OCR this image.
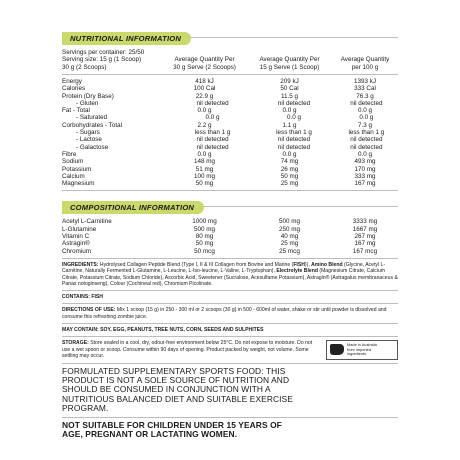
NUTRITIONAL INFORMATION
Servings per container: 25/50
Serving size: 15 g (1 Scoop)
30 g (2 Scoops)
Average Quantity Per
30 g Serve (2 Scoops)
Average Quantity Per
15 g Serve (1 Scoop)
Average Quantity
per 100 g
Energy	418 kJ	209 kJ	1393 kJ
Calories	100 Cal	50 Cal	333 Cal
Protein (Dry Base)	22.9 g	11.5 g	76.3 g
- Gluten	nil detected	nil detected	nil detected
Fat - Total	0.0 g	0.0 g	0.0 g
- Saturated	0.0 g	0.0 g	0.0 g
Corbohydrates - Total	2.2 g	1.1 g	7.3 g
- Sugars	less than 1 g	less than 1 g	less than 1 g
- Lactose	nil detected	nil detected	nil detected
- Galactose	nil detected	nil detected	nil detected
Fibre	0.0 g	0.0 g	0.0 g
Sodium	148 mg	74 mg	493 mg
Potassium	51 mg	26 mg	170 mg
Calcium	100 mg	50 mg	333 mg
Magnesium	50 mg	25 mg	167 mg
COMPOSITIONAL INFORMATION
Acetyl L-Carnitine	1000 mg	500 mg	3333 mg
L-Glutamine	500 mg	250 mg	1667 mg
Vitamin C	80 mg	40 mg	267 mg
Astragin®	50 mg	25 mg	167 mg
Chromium	50 mcg	25 mcg	167 mcg

INGREDIENTS: Hydrolysed Collagen Peptide Blend (Type I, II & III Collagen from Bovine and Marine (FISH)), Amino Blend (Glycine, Acetyl L-Carnitine, Naturally Fermented L-Glutamine, L-Leucine, L-Iso-leucine, L-Valine, L-Tryptophan), Electrolyte Blend (Magnesium Citrate, Calcium Citrate, Potassium Citrate, Sodium Chloride), Ascorbic Acid, Sweetener (Sucralose, Acesulfame Potassium), Astragin® (Astragalus membranaceus & Panax notoginseng), Colour (Cochineal red), Chromium Picolinate.

CONTAINS: FISH

DIRECTIONS OF USE: Mix 1 scoop (15 g) in 250 - 300 ml or 2 scoops (30 g) in 500 - 600ml of water, shake or stir until powder is dissolved and consume this refreshing zombie juice.

MAY CONTAIN: SOY, EGG, PEANUTS, TREE NUTS, CORN, SEEDS AND SULPHITES

STORAGE: Store sealed in a cool, dry, odour-free environment below 25°C. Do not expose to moisture. Do not use a wet spoon or scoop. Consume within 90 days of opening. Product packed by weight, not volume. Some settling may occur.

Made in Australia
from imported
ingredients

FORMULATED SUPPLEMENTARY SPORTS FOOD: THIS

PRODUCT IS NOT A SOLE SOURCE OF NUTRITION AND

SHOULD BE CONSUMED IN CONJUNCTION WITH A

NUTRITIOUS BALANCED DIET AND SUITABLE EXERCISE

PROGRAM.

NOT SUITABLE FOR CHILDREN UNDER 15 YEARS OF

AGE, PREGNANT OR LACTATING WOMEN.
